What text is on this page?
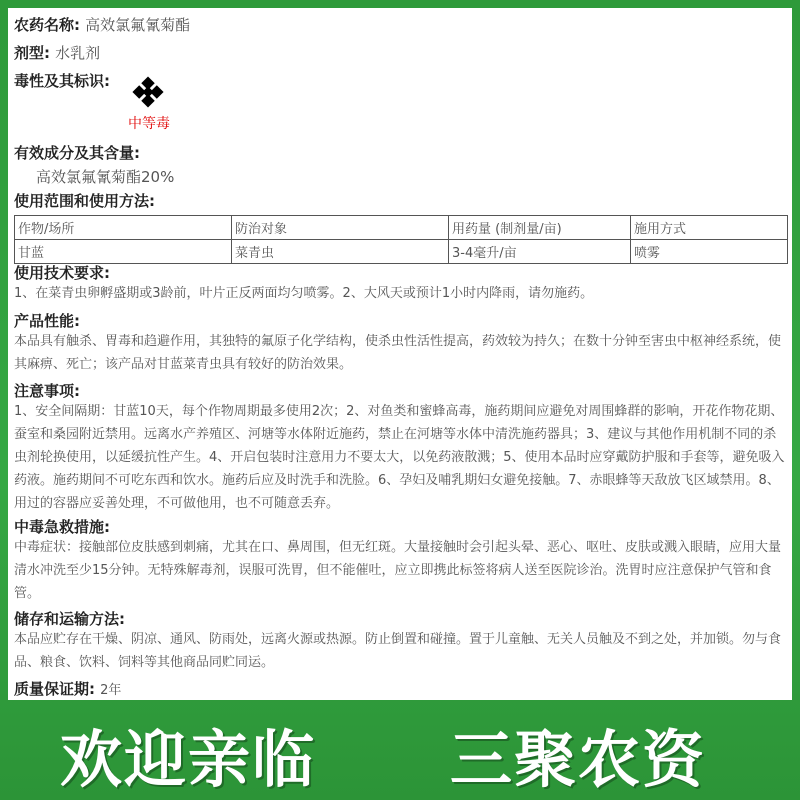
农药名称: 高效氯氟氰菊酯
剂型: 水乳剂
毒性及其标识:
中等毒
有效成分及其含量:
高效氯氟氰菊酯20%
使用范围和使用方法:
作物/场所	防治对象	用药量 (制剂量/亩)	施用方式
甘蓝	菜青虫	3-4毫升/亩	喷雾
使用技术要求:
1、在菜青虫卵孵盛期或3龄前，叶片正反两面均匀喷雾。2、大风天或预计1小时内降雨，请勿施药。
产品性能:
本品具有触杀、胃毒和趋避作用，其独特的氟原子化学结构，使杀虫性活性提高，药效较为持久；在数十分钟至害虫中枢神经系统，使其麻痹、死亡；该产品对甘蓝菜青虫具有较好的防治效果。
注意事项:
1、安全间隔期：甘蓝10天，每个作物周期最多使用2次；2、对鱼类和蜜蜂高毒，施药期间应避免对周围蜂群的影响，开花作物花期、蚕室和桑园附近禁用。远离水产养殖区、河塘等水体附近施药，禁止在河塘等水体中清洗施药器具；3、建议与其他作用机制不同的杀虫剂轮换使用，以延缓抗性产生。4、开启包装时注意用力不要太大，以免药液散溅；5、使用本品时应穿戴防护服和手套等，避免吸入药液。施药期间不可吃东西和饮水。施药后应及时洗手和洗脸。6、孕妇及哺乳期妇女避免接触。7、赤眼蜂等天敌放飞区域禁用。8、用过的容器应妥善处理，不可做他用，也不可随意丢弃。
中毒急救措施:
中毒症状：接触部位皮肤感到刺痛，尤其在口、鼻周围，但无红斑。大量接触时会引起头晕、恶心、呕吐、皮肤或溅入眼睛，应用大量清水冲洗至少15分钟。无特殊解毒剂，误服可洗胃，但不能催吐，应立即携此标签将病人送至医院诊治。洗胃时应注意保护气管和食管。
储存和运输方法:
本品应贮存在干燥、阴凉、通风、防雨处，远离火源或热源。防止倒置和碰撞。置于儿童触、无关人员触及不到之处，并加锁。勿与食品、粮食、饮料、饲料等其他商品同贮同运。
质量保证期: 2年
欢迎亲临 三聚农资
